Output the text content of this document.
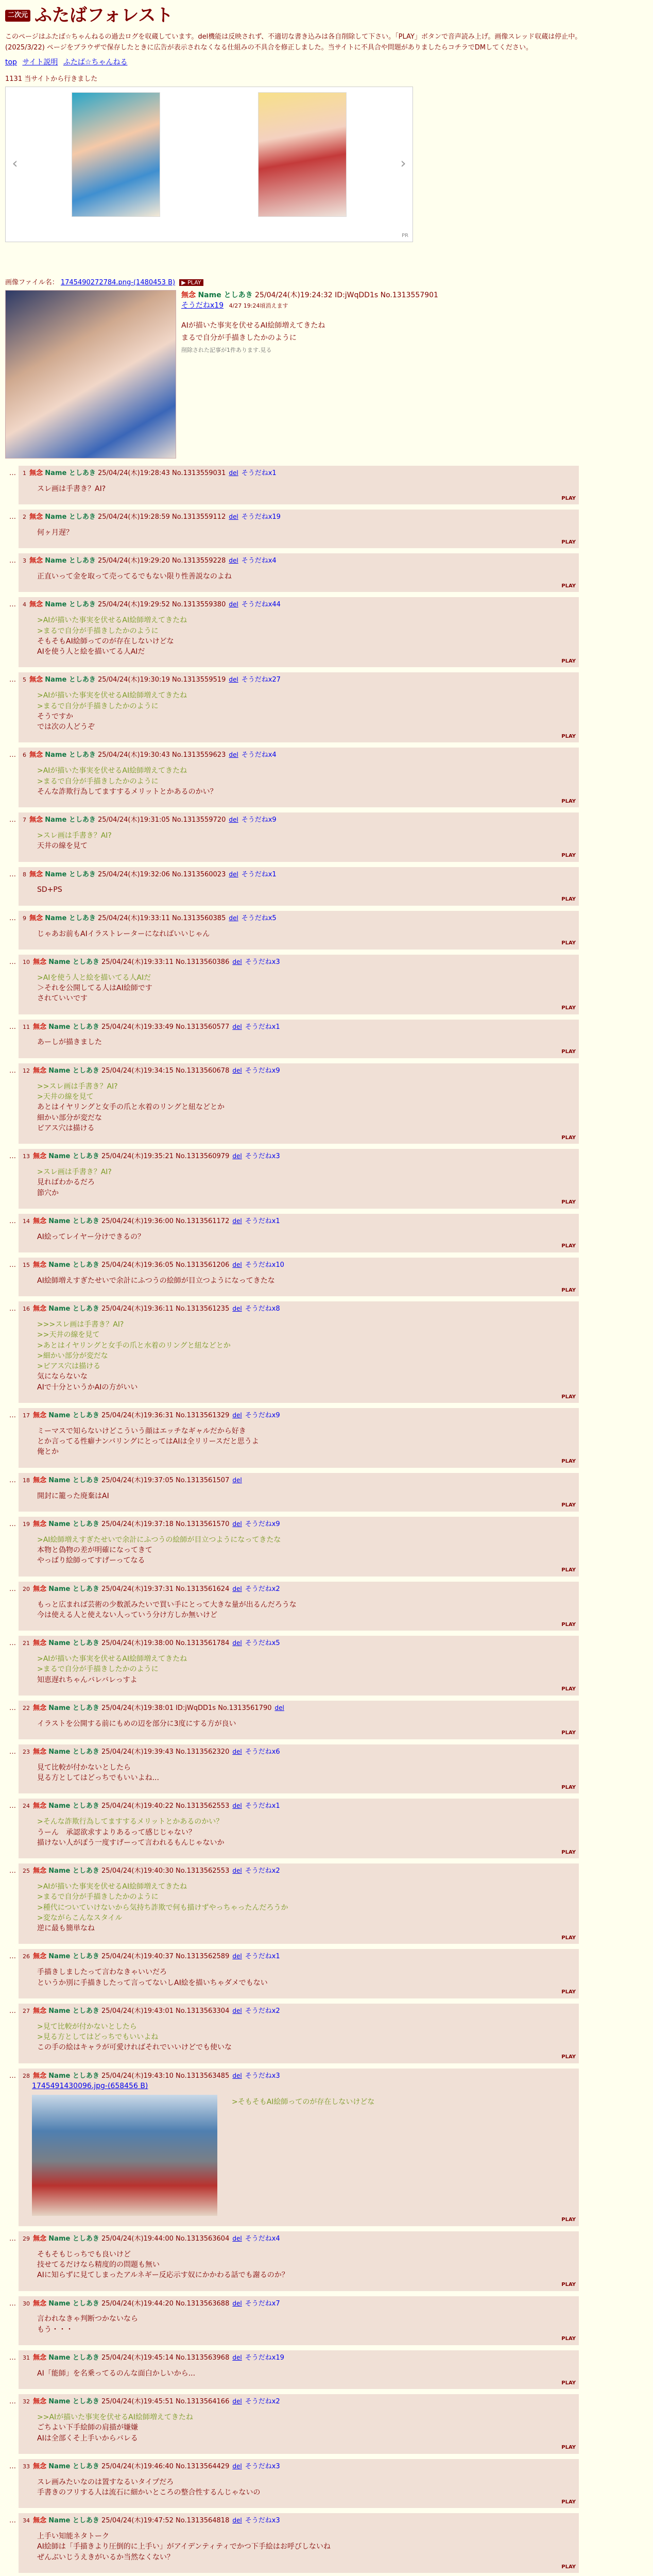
二次元 ふたばフォレスト

このページはふたば☆ちゃんねるの過去ログを収蔵しています。del機能は反映されず、不適切な書き込みは各自削除して下さい。「PLAY」ボタンで音声読み上げ。画像スレッド収蔵は停止中。

(2025/3/22) ページをブラウザで保存したときに広告が表示されなくなる仕組みの不具合を修正しました。当サイトに不具合や問題がありましたらコチラでDMしてください。

top サイト説明 ふたば☆ちゃんねる
1131 当サイトから行きました
‹	›
PR
画像ファイル名： 1745490272784.png-(1480453 B) ▶ PLAY
無念 Name としあき 25/04/24(木)19:24:32 ID:jWqDD1s No.1313557901
そうだねx19 4/27 19:24頃消えます

AIが描いた事実を伏せるAI絵師増えてきたね

まるで自分が手描きしたかのように

削除された記事が1件あります.見る
… 1 無念 Name としあき 25/04/24(木)19:28:43 No.1313559031 del そうだねx1

スレ画は手書き？AI?

PLAY
… 2 無念 Name としあき 25/04/24(木)19:28:59 No.1313559112 del そうだねx19

何ヶ月遅？

PLAY
… 3 無念 Name としあき 25/04/24(木)19:29:20 No.1313559228 del そうだねx4

正直いって金を取って売ってるでもない限り性善説なのよね

PLAY
… 4 無念 Name としあき 25/04/24(木)19:29:52 No.1313559380 del そうだねx44

>AIが描いた事実を伏せるAI絵師増えてきたね

>まるで自分が手描きしたかのように

そもそもAI絵師ってのが存在しないけどな

AIを使う人と絵を描いてる人AIだ

PLAY
… 5 無念 Name としあき 25/04/24(木)19:30:19 No.1313559519 del そうだねx27

>AIが描いた事実を伏せるAI絵師増えてきたね

>まるで自分が手描きしたかのように

そうですか

では次の人どうぞ

PLAY
… 6 無念 Name としあき 25/04/24(木)19:30:43 No.1313559623 del そうだねx4

>AIが描いた事実を伏せるAI絵師増えてきたね

>まるで自分が手描きしたかのように

そんな詐欺行為してますするメリットとかあるのかい？

PLAY
… 7 無念 Name としあき 25/04/24(木)19:31:05 No.1313559720 del そうだねx9

>スレ画は手書き？AI?

天井の線を見て

PLAY
… 8 無念 Name としあき 25/04/24(木)19:32:06 No.1313560023 del そうだねx1

SD+PS

PLAY
… 9 無念 Name としあき 25/04/24(木)19:33:11 No.1313560385 del そうだねx5

じゃあお前もAIイラストレーターになればいいじゃん

PLAY
… 10 無念 Name としあき 25/04/24(木)19:33:11 No.1313560386 del そうだねx3

>AIを使う人と絵を描いてる人AIだ

＞それを公開してる人はAI絵師です

されていいです

PLAY
… 11 無念 Name としあき 25/04/24(木)19:33:49 No.1313560577 del そうだねx1

あーしが描きました

PLAY
… 12 無念 Name としあき 25/04/24(木)19:34:15 No.1313560678 del そうだねx9

>>スレ画は手書き？AI?

>天井の線を見て

あとはイヤリングと女手の爪と水着のリングと紐などとか

細かい部分が変だな

ピアス穴は描ける

PLAY
… 13 無念 Name としあき 25/04/24(木)19:35:21 No.1313560979 del そうだねx3

>スレ画は手書き？AI?

見ればわかるだろ

節穴か

PLAY
… 14 無念 Name としあき 25/04/24(木)19:36:00 No.1313561172 del そうだねx1

AI絵ってレイヤー分けできるの？

PLAY
… 15 無念 Name としあき 25/04/24(木)19:36:05 No.1313561206 del そうだねx10

AI絵師増えすぎたせいで余計にふつうの絵師が目立つようになってきたな

PLAY
… 16 無念 Name としあき 25/04/24(木)19:36:11 No.1313561235 del そうだねx8

>>>スレ画は手書き？AI?

>>天井の線を見て

>あとはイヤリングと女手の爪と水着のリングと紐などとか

>細かい部分が変だな

>ピアス穴は描ける

気にならないな

AIで十分というかAIの方がいい

PLAY
… 17 無念 Name としあき 25/04/24(木)19:36:31 No.1313561329 del そうだねx9

ミーマスで知らないけどこういう顔はエッチなギャルだから好き

とか言ってる性癖ナンバリングにとってはAIは全リリースだと思うよ

俺とか

PLAY
… 18 無念 Name としあき 25/04/24(木)19:37:05 No.1313561507 del

開封に籠った廃棄はAI

PLAY
… 19 無念 Name としあき 25/04/24(木)19:37:18 No.1313561570 del そうだねx9

>AI絵師増えすぎたせいで余計にふつうの絵師が目立つようになってきたな

本物と偽物の差が明確になってきて

やっぱり絵師ってすげーってなる

PLAY
… 20 無念 Name としあき 25/04/24(木)19:37:31 No.1313561624 del そうだねx2

もっと広まれば芸術の少数派みたいで買い手にとって大きな量が出るんだろうな

今は使える人と使えない人っていう分け方しか無いけど

PLAY
… 21 無念 Name としあき 25/04/24(木)19:38:00 No.1313561784 del そうだねx5

>AIが描いた事実を伏せるAI絵師増えてきたね

>まるで自分が手描きしたかのように

知恵遅れちゃんバレバレっすよ

PLAY
… 22 無念 Name としあき 25/04/24(木)19:38:01 ID:jWqDD1s No.1313561790 del

イラストを公開する前にもめの辺を部分に3度にする方が良い

PLAY
… 23 無念 Name としあき 25/04/24(木)19:39:43 No.1313562320 del そうだねx6

見て比較が付かないとしたら

見る方としてはどっちでもいいよね...

PLAY
… 24 無念 Name としあき 25/04/24(木)19:40:22 No.1313562553 del そうだねx1

>そんな詐欺行為してますするメリットとかあるのかい？

うーん　承認欲求すよりあるって感じじゃない？

描けない人がぽう一度すげーって言われるもんじゃないか

PLAY
… 25 無念 Name としあき 25/04/24(木)19:40:30 No.1313562553 del そうだねx2

>AIが描いた事実を伏せるAI絵師増えてきたね

>まるで自分が手描きしたかのように

>種代についていけないから気持ち詐欺で何も描けずやっちゃったんだろうか

>変ながらこんなスタイル

逆に最も簡単なね

PLAY
… 26 無念 Name としあき 25/04/24(木)19:40:37 No.1313562589 del そうだねx1

手描きしましたって言わなきゃいいだろ

というか別に手描きしたって言ってないしAI絵を描いちゃダメでもない

PLAY
… 27 無念 Name としあき 25/04/24(木)19:43:01 No.1313563304 del そうだねx2

>見て比較が付かないとしたら

>見る方としてはどっちでもいいよね

この手の絵はキャラが可愛ければそれでいいけどでも使いな

PLAY
… 28 無念 Name としあき 25/04/24(木)19:43:10 No.1313563485 del そうだねx3
1745491430096.jpg-(658456 B)

>そもそもAI絵師ってのが存在しないけどな

PLAY
… 29 無念 Name としあき 25/04/24(木)19:44:00 No.1313563604 del そうだねx4

そもそもじっちでも良いけど

技せてるだけなら精度的の問題も無い

AIに知らずに見てしまったアルネギー反応示す奴にかかわる話でも謝るのか？

PLAY
… 30 無念 Name としあき 25/04/24(木)19:44:20 No.1313563688 del そうだねx7

言われなきゃ判断つかないなら

もう・・・

PLAY
… 31 無念 Name としあき 25/04/24(木)19:45:14 No.1313563968 del そうだねx19

AI「能師」を名乗ってるのんな面白かしいから...

PLAY
… 32 無念 Name としあき 25/04/24(木)19:45:51 No.1313564166 del そうだねx2

>>AIが描いた事実を伏せるAI絵師増えてきたね

ごちよい下手絵師の肩描が嫌嫌

AIは全部くそ上手いからバレる

PLAY
… 33 無念 Name としあき 25/04/24(木)19:46:40 No.1313564429 del そうだねx3

スレ画みたいなのは置すなるいタイプだろ

手書きのフリする人は流石に細かいところの整合性するんじゃないの

PLAY
… 34 無念 Name としあき 25/04/24(木)19:47:52 No.1313564818 del そうだねx3

上手い知能ネタトーク

AI絵師は「手描きより圧倒的に上手い」がアイデンティティでかつ下手絵はお呼びしないね

ぜんぶいじうえきがいるか当然なくない？

PLAY
